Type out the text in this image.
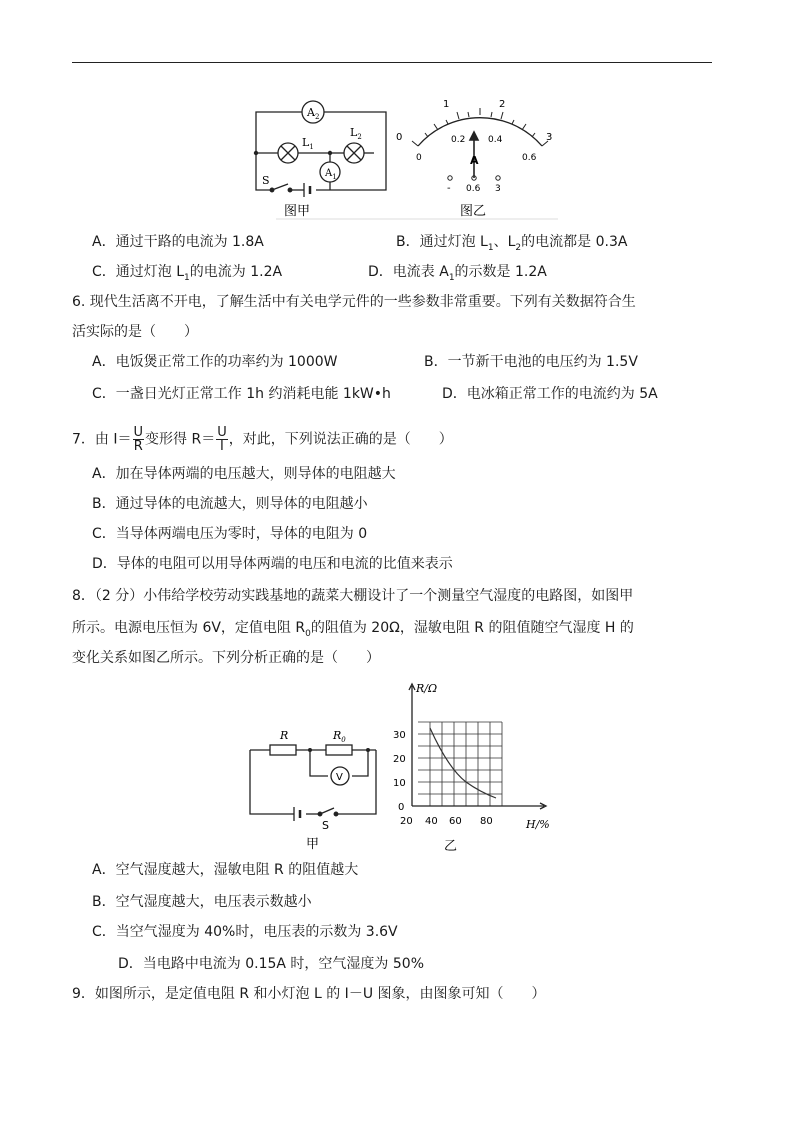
$A_2$
$L_1$
$L_2$
$A_1$
S
图甲
0
1	2
3
0
0.2	0.4
0.6
A
- 0.6 3
图乙
A．通过干路的电流为 1.8A	B．通过灯泡 $L_1$、$L_2$的电流都是 0.3A
C．通过灯泡 $L_1$的电流为 1.2A	D．电流表 $A_1$的示数是 1.2A
6. 现代生活离不开电，了解生活中有关电学元件的一些参数非常重要。下列有关数据符合生
活实际的是（　　）
A．电饭煲正常工作的功率约为 1000W	B．一节新干电池的电压约为 1.5V
C．一盏日光灯正常工作 1h 约消耗电能 1kW•h	D．电冰箱正常工作的电流约为 5A
7．由 $I= \frac{U}{R}$ 变形得 $R= \frac{U}{I}$ ，对此，下列说法正确的是（　　）
A．加在导体两端的电压越大，则导体的电阻越大
B．通过导体的电流越大，则导体的电阻越小
C．当导体两端电压为零时，导体的电阻为 0
D．导体的电阻可以用导体两端的电压和电流的比值来表示
8．（2 分）小伟给学校劳动实践基地的蔬菜大棚设计了一个测量空气湿度的电路图，如图甲
所示。电源电压恒为 6V，定值电阻 $R_0$的阻值为 20Ω，湿敏电阻 R 的阻值随空气湿度 H 的
变化关系如图乙所示。下列分析正确的是（　　）
R	$R_0$
V
S
甲
R/Ω
H/%
0
10
20
30
20 40 60 80
乙
A．空气湿度越大，湿敏电阻 R 的阻值越大
B．空气湿度越大，电压表示数越小
C．当空气湿度为 40%时，电压表的示数为 3.6V
D．当电路中电流为 0.15A 时，空气湿度为 50%
9．如图所示，是定值电阻 R 和小灯泡 L 的 I－U 图象，由图象可知（　　）
